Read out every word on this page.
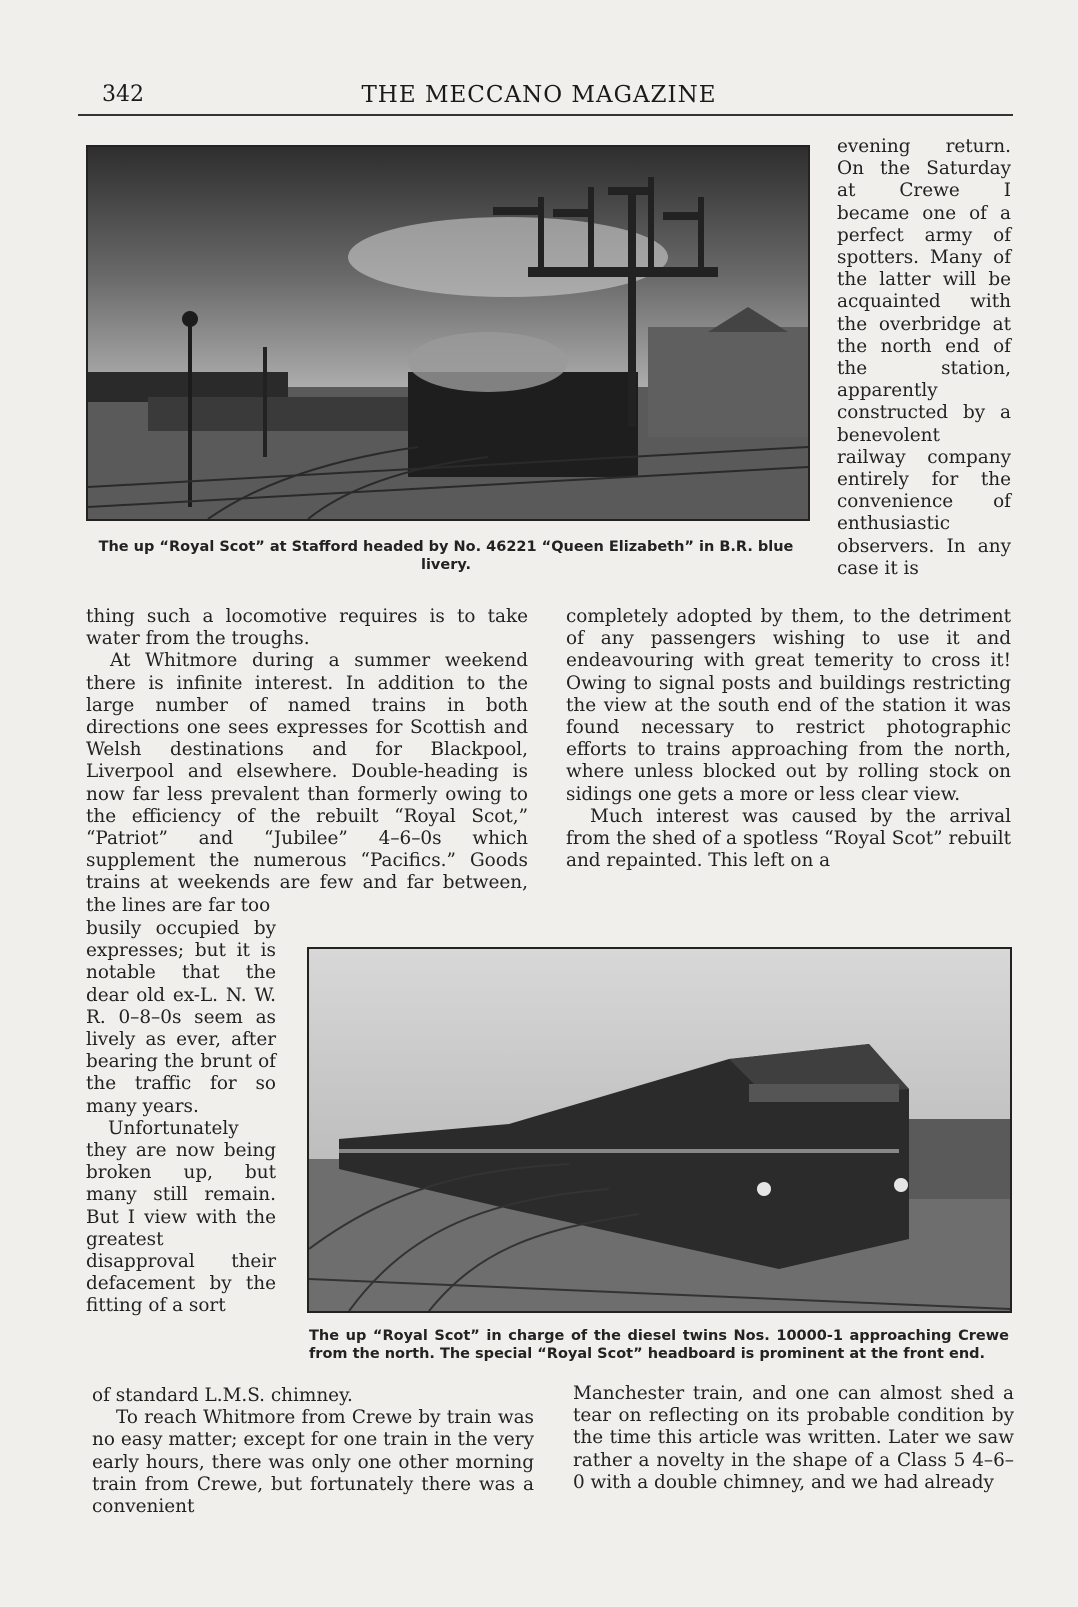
342	THE MECCANO MAGAZINE
The up “Royal Scot” at Stafford headed by No. 46221 “Queen Elizabeth” in B.R. blue livery.

evening return. On the Saturday at Crewe I became one of a perfect army of spotters. Many of the latter will be acquainted with the overbridge at the north end of the station, apparently constructed by a benevolent railway company entirely for the convenience of enthusiastic observers. In any case it is

thing such a locomotive requires is to take water from the troughs.

At Whitmore during a summer weekend there is infinite interest. In addition to the large number of named trains in both directions one sees expresses for Scottish and Welsh destinations and for Blackpool, Liverpool and elsewhere. Double-heading is now far less prevalent than formerly owing to the efficiency of the rebuilt “Royal Scot,” “Patriot” and “Jubilee” 4–6–0s which supplement the numerous “Pacifics.” Goods trains at weekends are few and far between, the lines are far too

completely adopted by them, to the detriment of any passengers wishing to use it and endeavouring with great temerity to cross it! Owing to signal posts and buildings restricting the view at the south end of the station it was found necessary to restrict photographic efforts to trains approaching from the north, where unless blocked out by rolling stock on sidings one gets a more or less clear view.

Much interest was caused by the arrival from the shed of a spotless “Royal Scot” rebuilt and repainted. This left on a

busily occupied by expresses; but it is notable that the dear old ex-L. N. W. R. 0–8–0s seem as lively as ever, after bearing the brunt of the traffic for so many years.

Unfortunately they are now being broken up, but many still remain. But I view with the greatest disapproval their defacement by the fitting of a sort

The up “Royal Scot” in charge of the diesel twins Nos. 10000-1 approaching Crewe from the north. The special “Royal Scot” headboard is prominent at the front end.

of standard L.M.S. chimney.

To reach Whitmore from Crewe by train was no easy matter; except for one train in the very early hours, there was only one other morning train from Crewe, but fortunately there was a convenient

Manchester train, and one can almost shed a tear on reflecting on its probable condition by the time this article was written. Later we saw rather a novelty in the shape of a Class 5 4–6–0 with a double chimney, and we had already
